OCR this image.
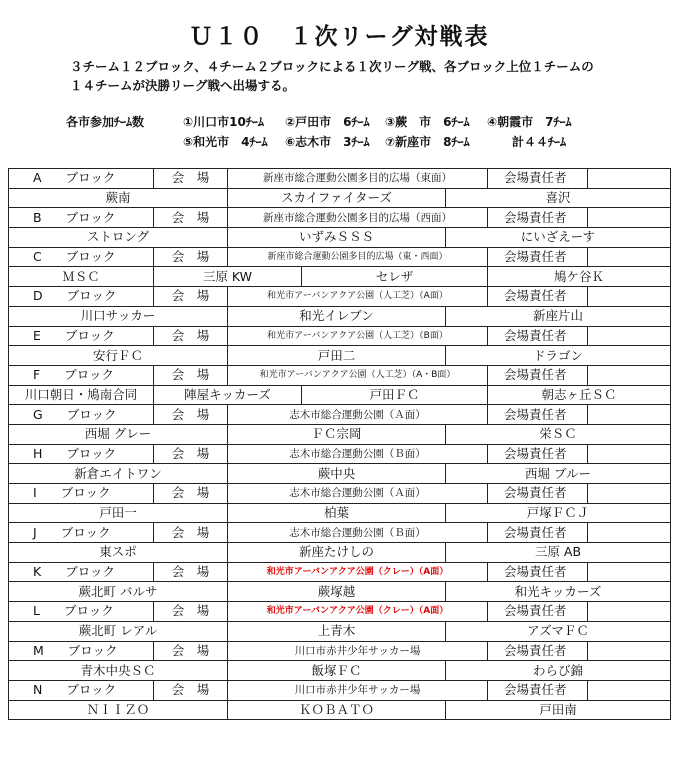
Ｕ１０　１次リーグ対戦表
３チーム１２ブロック、４チーム２ブロックによる１次リーグ戦、各ブロック上位１チームの
１４チームが決勝リーグ戦へ出場する。
各市参加ﾁｰﾑ数	①川口市10ﾁｰﾑ ②戸田市　6ﾁｰﾑ ③蕨　市　6ﾁｰﾑ ④朝霞市　7ﾁｰﾑ
⑤和光市　4ﾁｰﾑ ⑥志木市　3ﾁｰﾑ ⑦新座市　8ﾁｰﾑ	計４４ﾁｰﾑ
A ブロック	会　場	新座市総合運動公園多目的広場（東面）			会場責任者	
蕨南		スカイファイターズ		喜沢		
B ブロック	会　場	新座市総合運動公園多目的広場（西面）			会場責任者	
ストロング		いずみＳＳＳ		にいざえーす		
C ブロック	会　場	新座市総合運動公園多目的広場（東・西面）			会場責任者	
ＭＳＣ	三原 KW		セレザ		鳩ケ谷Ｋ	
D ブロック	会　場	和光市アーバンアクア公園（人工芝）（A面）			会場責任者	
川口サッカー		和光イレブン		新座片山		
E ブロック	会　場	和光市アーバンアクア公園（人工芝）（B面）			会場責任者	
安行ＦＣ		戸田二		ドラゴン		
F ブロック	会　場	和光市アーバンアクア公園（人工芝）（A・B面）			会場責任者	
川口朝日・鳩南合同	陣屋キッカーズ		戸田ＦＣ		朝志ヶ丘ＳＣ	
G ブロック	会　場	志木市総合運動公園（Ａ面）			会場責任者	
西堀 グレー		ＦＣ宗岡		栄ＳＣ		
H ブロック	会　場	志木市総合運動公園（Ｂ面）			会場責任者	
新倉エイトワン		蕨中央		西堀 ブルー		
I ブロック	会　場	志木市総合運動公園（Ａ面）			会場責任者	
戸田一		柏葉		戸塚ＦＣＪ		
J ブロック	会　場	志木市総合運動公園（Ｂ面）			会場責任者	
東スポ		新座たけしの		三原 AB		
K ブロック	会　場	和光市アーバンアクア公園（クレー）（A面）			会場責任者	
蕨北町 バルサ		蕨塚越		和光キッカーズ		
L ブロック	会　場	和光市アーバンアクア公園（クレー）（A面）			会場責任者	
蕨北町 レアル		上青木		アズマＦＣ		
M ブロック	会　場	川口市赤井少年サッカー場			会場責任者	
青木中央ＳＣ		飯塚ＦＣ		わらび錦		
N ブロック	会　場	川口市赤井少年サッカー場			会場責任者	
ＮＩＩＺＯ		ＫＯＢＡＴＯ		戸田南		
